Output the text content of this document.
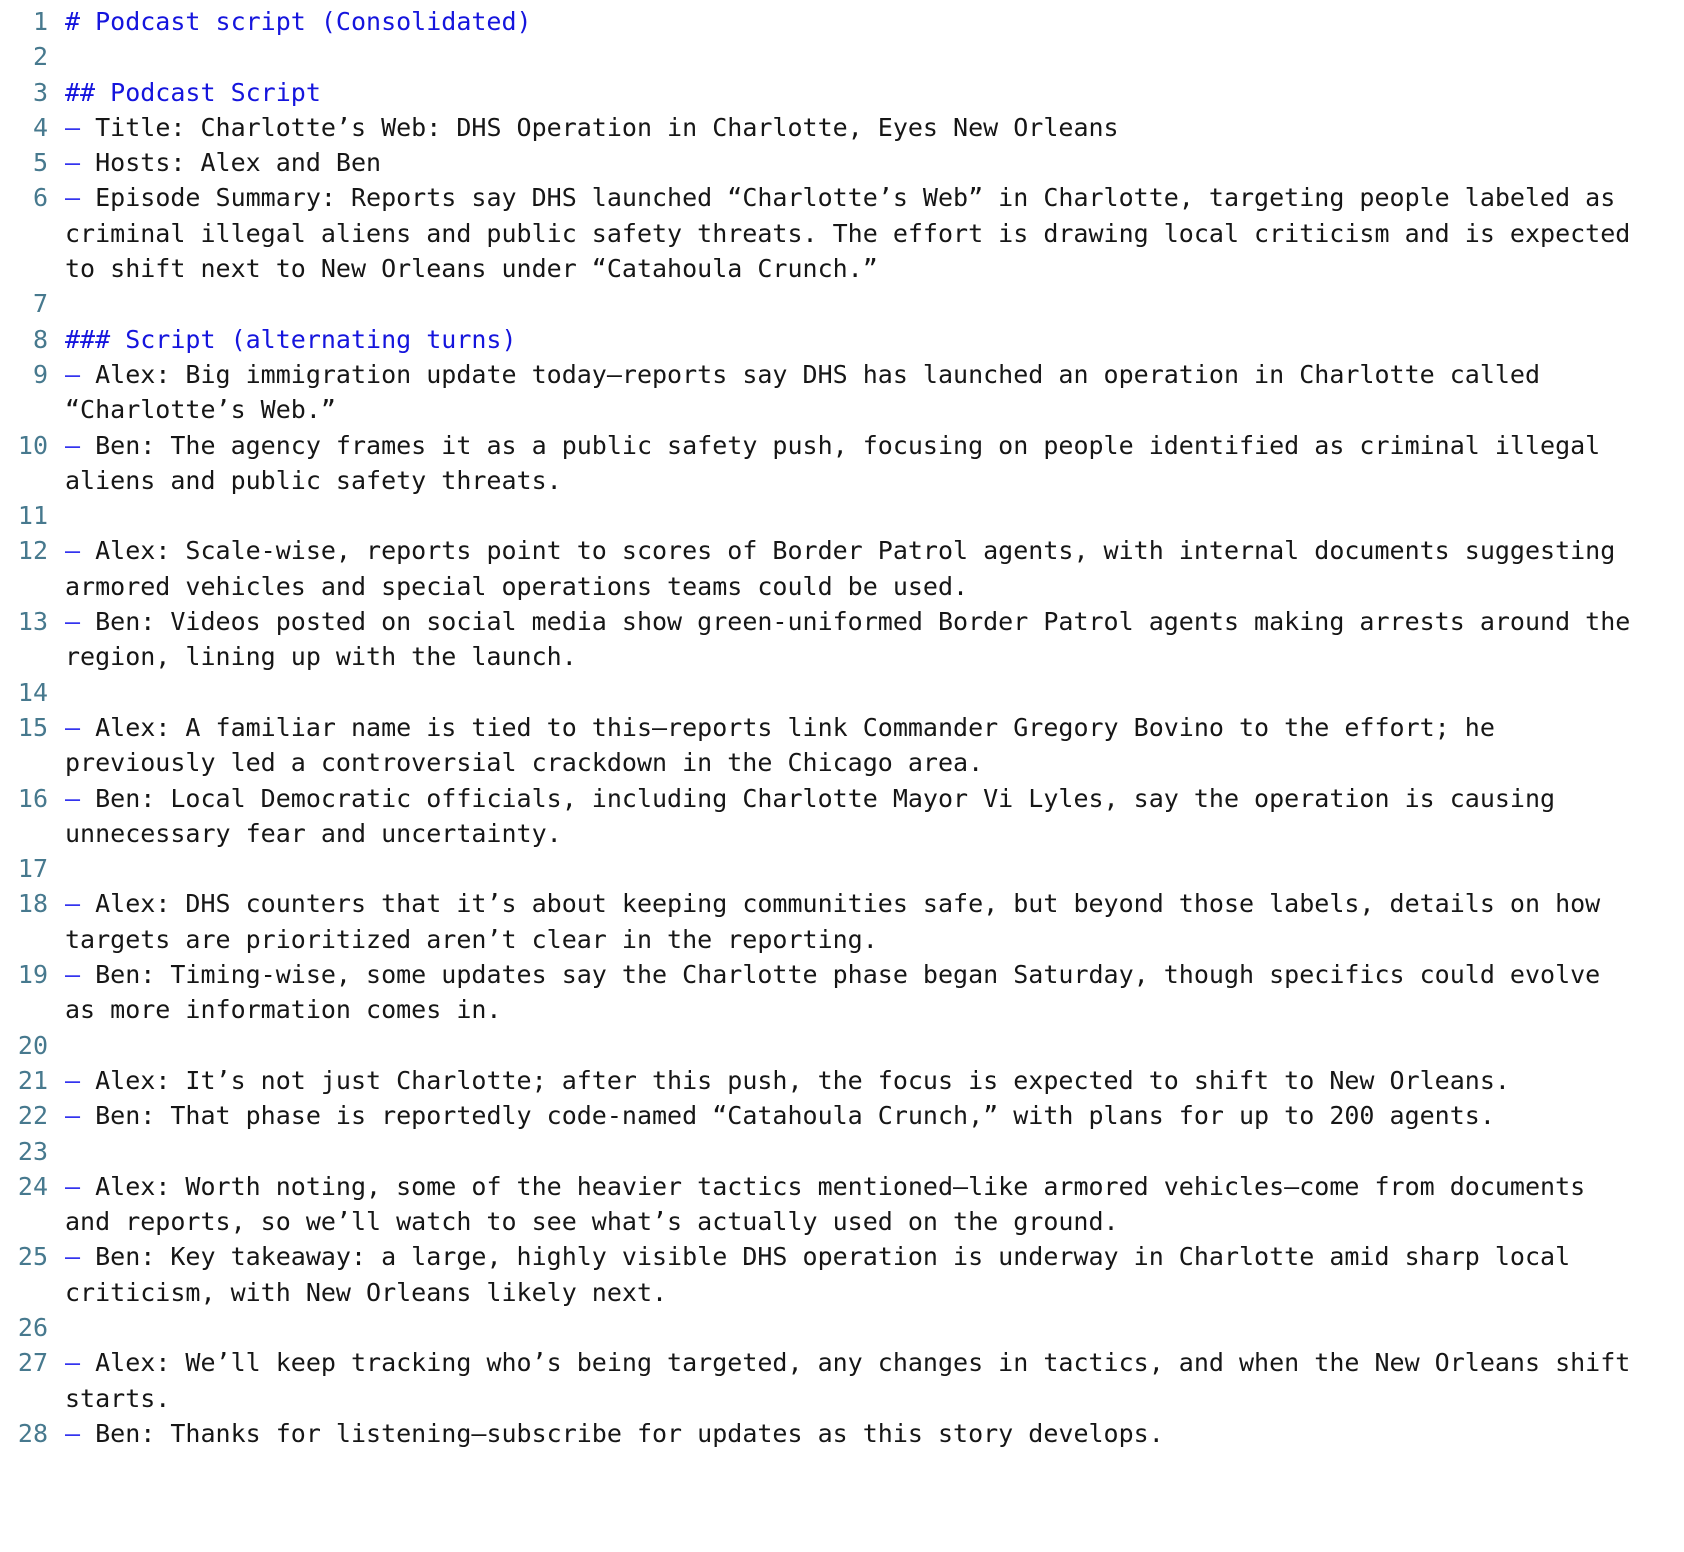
1 # Podcast script (Consolidated)
2
3 ## Podcast Script
4 – Title: Charlotte’s Web: DHS Operation in Charlotte, Eyes New Orleans
5 – Hosts: Alex and Ben
6 – Episode Summary: Reports say DHS launched “Charlotte’s Web” in Charlotte, targeting people labeled as
criminal illegal aliens and public safety threats. The effort is drawing local criticism and is expected
to shift next to New Orleans under “Catahoula Crunch.”
7
8 ### Script (alternating turns)
9 – Alex: Big immigration update today—reports say DHS has launched an operation in Charlotte called
“Charlotte’s Web.”
10 – Ben: The agency frames it as a public safety push, focusing on people identified as criminal illegal
aliens and public safety threats.
11
12 – Alex: Scale-wise, reports point to scores of Border Patrol agents, with internal documents suggesting
armored vehicles and special operations teams could be used.
13 – Ben: Videos posted on social media show green-uniformed Border Patrol agents making arrests around the
region, lining up with the launch.
14
15 – Alex: A familiar name is tied to this—reports link Commander Gregory Bovino to the effort; he
previously led a controversial crackdown in the Chicago area.
16 – Ben: Local Democratic officials, including Charlotte Mayor Vi Lyles, say the operation is causing
unnecessary fear and uncertainty.
17
18 – Alex: DHS counters that it’s about keeping communities safe, but beyond those labels, details on how
targets are prioritized aren’t clear in the reporting.
19 – Ben: Timing-wise, some updates say the Charlotte phase began Saturday, though specifics could evolve
as more information comes in.
20
21 – Alex: It’s not just Charlotte; after this push, the focus is expected to shift to New Orleans.
22 – Ben: That phase is reportedly code-named “Catahoula Crunch,” with plans for up to 200 agents.
23
24 – Alex: Worth noting, some of the heavier tactics mentioned—like armored vehicles—come from documents
and reports, so we’ll watch to see what’s actually used on the ground.
25 – Ben: Key takeaway: a large, highly visible DHS operation is underway in Charlotte amid sharp local
criticism, with New Orleans likely next.
26
27 – Alex: We’ll keep tracking who’s being targeted, any changes in tactics, and when the New Orleans shift
starts.
28 – Ben: Thanks for listening—subscribe for updates as this story develops.
